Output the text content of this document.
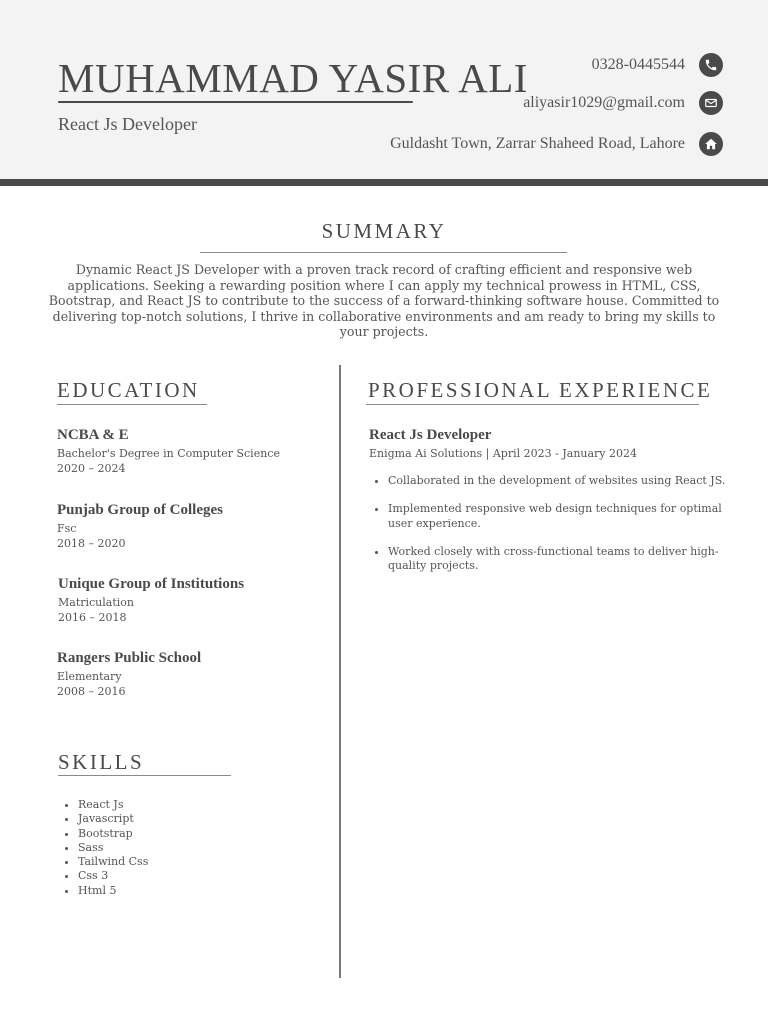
MUHAMMAD YASIR ALI
React Js Developer
0328-0445544
aliyasir1029@gmail.com
Guldasht Town, Zarrar Shaheed Road, Lahore
SUMMARY
Dynamic React JS Developer with a proven track record of crafting efficient and responsive web applications. Seeking a rewarding position where I can apply my technical prowess in HTML, CSS, Bootstrap, and React JS to contribute to the success of a forward-thinking software house. Committed to delivering top-notch solutions, I thrive in collaborative environments and am ready to bring my skills to your projects.
EDUCATION
NCBA & E
Bachelor's Degree in Computer Science
2020 – 2024
Punjab Group of Colleges
Fsc
2018 – 2020
Unique Group of Institutions
Matriculation
2016 – 2018
Rangers Public School
Elementary
2008 – 2016
SKILLS
• React Js
• Javascript
• Bootstrap
• Sass
• Tailwind Css
• Css 3
• Html 5
PROFESSIONAL EXPERIENCE
React Js Developer
Enigma Ai Solutions | April 2023 - January 2024
• Collaborated in the development of websites using React JS.
• Implemented responsive web design techniques for optimal user experience.
• Worked closely with cross-functional teams to deliver high-quality projects.
